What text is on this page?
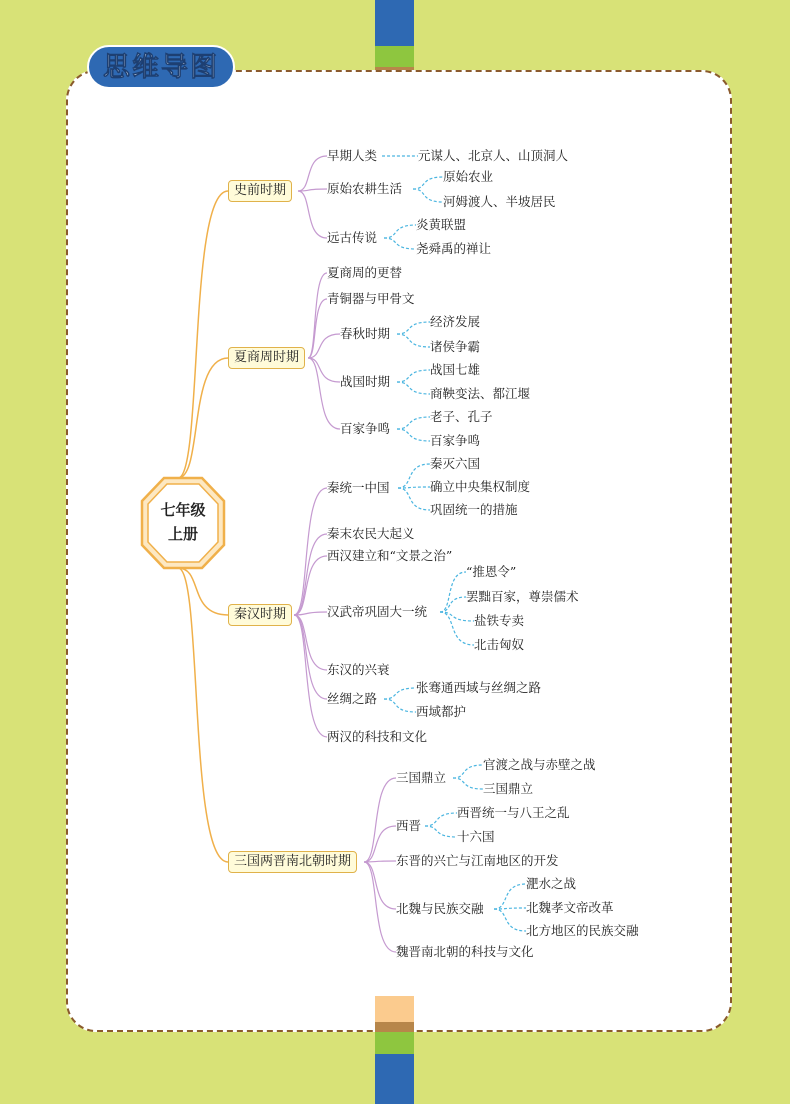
思维导图
七年级
上册
史前时期
夏商周时期
秦汉时期
三国两晋南北朝时期
早期人类	元谋人、北京人、山顶洞人
原始农耕生活
原始农业
河姆渡人、半坡居民
远古传说
炎黄联盟
尧舜禹的禅让
夏商周的更替
青铜器与甲骨文
春秋时期
经济发展
诸侯争霸
战国时期
战国七雄
商鞅变法、都江堰
百家争鸣
老子、孔子
百家争鸣
秦统一中国
秦灭六国
确立中央集权制度
巩固统一的措施
秦末农民大起义
西汉建立和“文景之治”
汉武帝巩固大一统
“推恩令”
罢黜百家，尊崇儒术
盐铁专卖
北击匈奴
东汉的兴衰
丝绸之路
张骞通西域与丝绸之路
西域都护
两汉的科技和文化
三国鼎立
官渡之战与赤壁之战
三国鼎立
西晋
西晋统一与八王之乱
十六国
东晋的兴亡与江南地区的开发
北魏与民族交融
淝水之战
北魏孝文帝改革
北方地区的民族交融
魏晋南北朝的科技与文化
